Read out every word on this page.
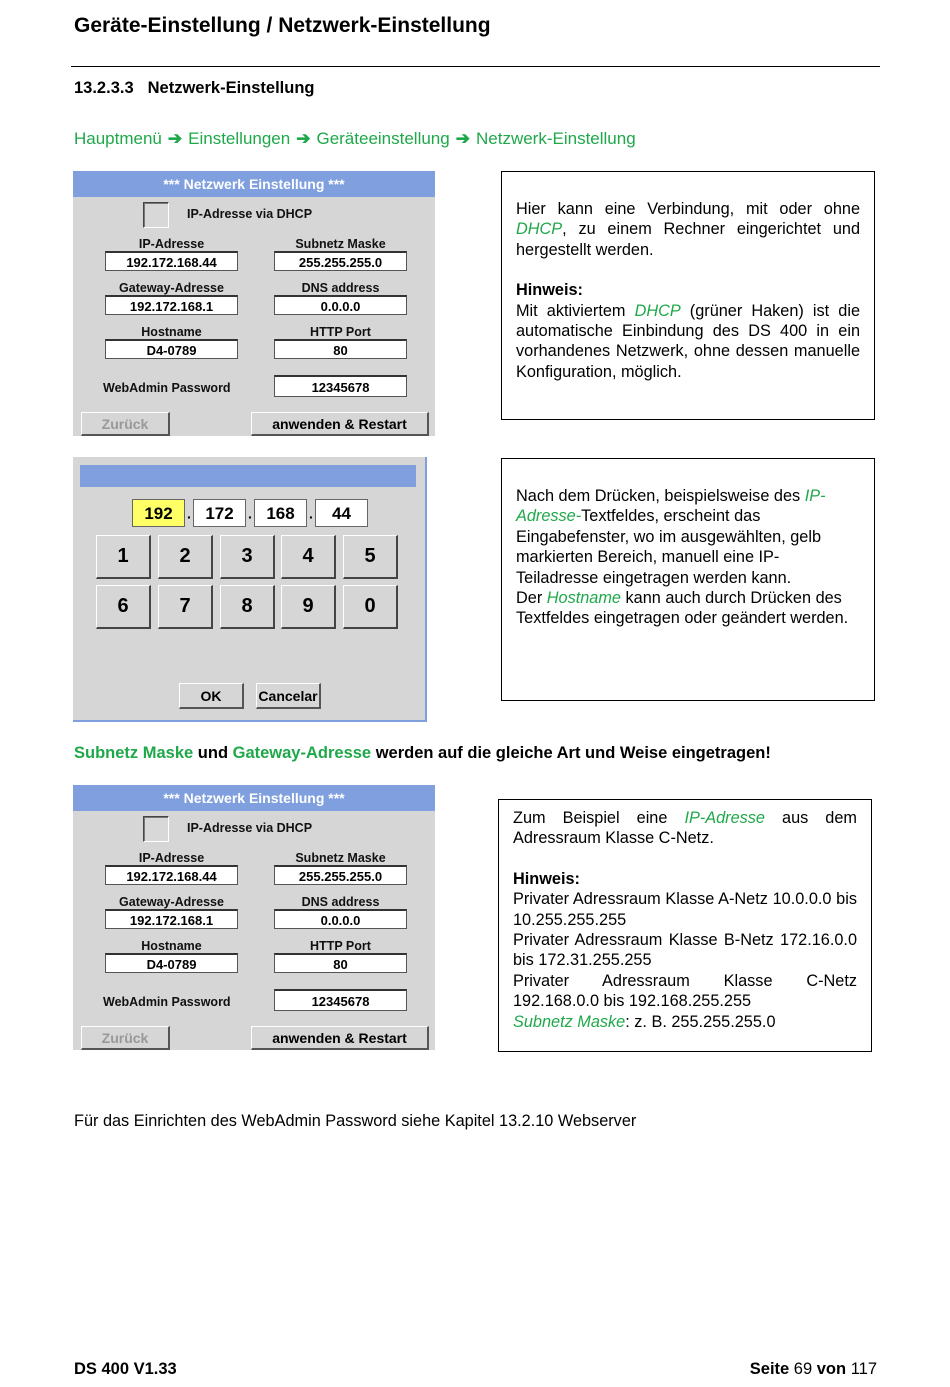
Geräte-Einstellung / Netzwerk-Einstellung
13.2.3.3 Netzwerk-Einstellung
Hauptmenü ➔ Einstellungen ➔ Geräteeinstellung ➔ Netzwerk-Einstellung
*** Netzwerk Einstellung ***
IP-Adresse via DHCP
IP-Adresse
192.172.168.44
Subnetz Maske
255.255.255.0
Gateway-Adresse
192.172.168.1
DNS address
0.0.0.0
Hostname
D4-0789
HTTP Port
80
WebAdmin Password	12345678
Zurück	anwenden & Restart

Hier kann eine Verbindung, mit oder ohne DHCP, zu einem Rechner eingerichtet und hergestellt werden.

Hinweis:

Mit aktiviertem DHCP (grüner Haken) ist die automatische Einbindung des DS 400 in ein vorhandenes Netzwerk, ohne dessen manuelle Konfiguration, möglich.

192	· 172	· 168	·	44
1	2	3	4	5
6	7	8	9	0
OK	Cancelar

Nach dem Drücken, beispielsweise des IP-Adresse-Textfeldes, erscheint das Eingabefenster, wo im ausgewählten, gelb markierten Bereich, manuell eine IP-Teiladresse eingetragen werden kann.

Der Hostname kann auch durch Drücken des Textfeldes eingetragen oder geändert werden.

Subnetz Maske und Gateway-Adresse werden auf die gleiche Art und Weise eingetragen!
*** Netzwerk Einstellung ***
IP-Adresse via DHCP
IP-Adresse
192.172.168.44
Subnetz Maske
255.255.255.0
Gateway-Adresse
192.172.168.1
DNS address
0.0.0.0
Hostname
D4-0789
HTTP Port
80
WebAdmin Password	12345678
Zurück	anwenden & Restart

Zum Beispiel eine IP-Adresse aus dem Adressraum Klasse C-Netz.

Hinweis:

Privater Adressraum Klasse A-Netz 10.0.0.0 bis 10.255.255.255

Privater Adressraum Klasse B-Netz 172.16.0.0 bis 172.31.255.255

Privater Adressraum Klasse C-Netz 192.168.0.0 bis 192.168.255.255

Subnetz Maske: z. B. 255.255.255.0

Für das Einrichten des WebAdmin Password siehe Kapitel 13.2.10 Webserver
DS 400 V1.33	Seite 69 von 117
